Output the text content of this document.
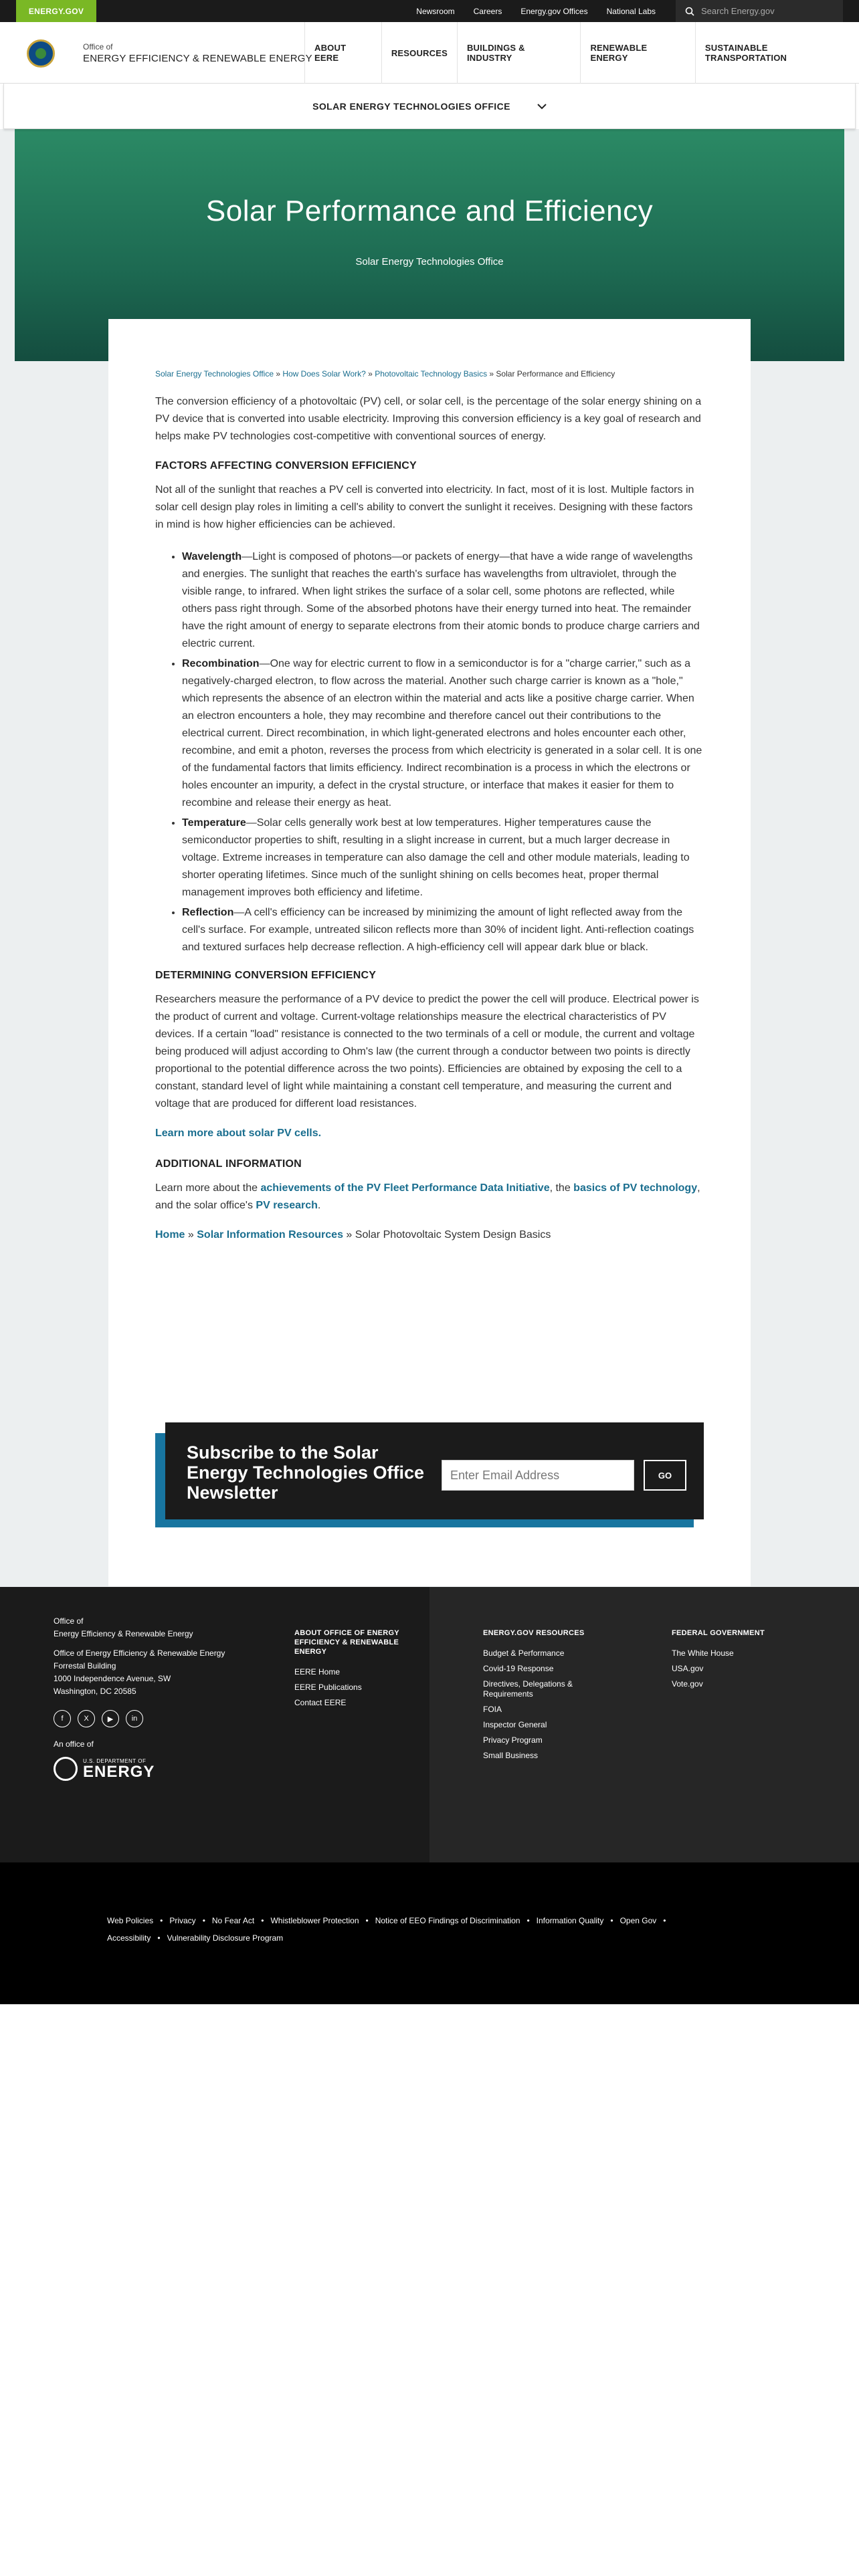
ENERGY.GOV	Newsroom	Careers	Energy.gov Offices	National Labs
Search Energy.gov
Office of
ENERGY EFFICIENCY & RENEWABLE ENERGY
ABOUT EERE	RESOURCES	BUILDINGS & INDUSTRY
RENEWABLE ENERGY
SUSTAINABLE TRANSPORTATION
SOLAR ENERGY TECHNOLOGIES OFFICE
Solar Performance and Efficiency
Solar Energy Technologies Office
Solar Energy Technologies Office » How Does Solar Work? » Photovoltaic Technology Basics » Solar Performance and Efficiency

The conversion efficiency of a photovoltaic (PV) cell, or solar cell, is the percentage of the solar energy shining on a PV device that is converted into usable electricity. Improving this conversion efficiency is a key goal of research and helps make PV technologies cost-competitive with conventional sources of energy.

FACTORS AFFECTING CONVERSION EFFICIENCY

Not all of the sunlight that reaches a PV cell is converted into electricity. In fact, most of it is lost. Multiple factors in solar cell design play roles in limiting a cell's ability to convert the sunlight it receives. Designing with these factors in mind is how higher efficiencies can be achieved.

• Wavelength—Light is composed of photons—or packets of energy—that have a wide range of wavelengths and energies. The sunlight that reaches the earth's surface has wavelengths from ultraviolet, through the visible range, to infrared. When light strikes the surface of a solar cell, some photons are reflected, while others pass right through. Some of the absorbed photons have their energy turned into heat. The remainder have the right amount of energy to separate electrons from their atomic bonds to produce charge carriers and electric current.
• Recombination—One way for electric current to flow in a semiconductor is for a "charge carrier," such as a negatively-charged electron, to flow across the material. Another such charge carrier is known as a "hole," which represents the absence of an electron within the material and acts like a positive charge carrier. When an electron encounters a hole, they may recombine and therefore cancel out their contributions to the electrical current. Direct recombination, in which light-generated electrons and holes encounter each other, recombine, and emit a photon, reverses the process from which electricity is generated in a solar cell. It is one of the fundamental factors that limits efficiency. Indirect recombination is a process in which the electrons or holes encounter an impurity, a defect in the crystal structure, or interface that makes it easier for them to recombine and release their energy as heat.
• Temperature—Solar cells generally work best at low temperatures. Higher temperatures cause the semiconductor properties to shift, resulting in a slight increase in current, but a much larger decrease in voltage. Extreme increases in temperature can also damage the cell and other module materials, leading to shorter operating lifetimes. Since much of the sunlight shining on cells becomes heat, proper thermal management improves both efficiency and lifetime.
• Reflection—A cell's efficiency can be increased by minimizing the amount of light reflected away from the cell's surface. For example, untreated silicon reflects more than 30% of incident light. Anti-reflection coatings and textured surfaces help decrease reflection. A high-efficiency cell will appear dark blue or black.
DETERMINING CONVERSION EFFICIENCY

Researchers measure the performance of a PV device to predict the power the cell will produce. Electrical power is the product of current and voltage. Current-voltage relationships measure the electrical characteristics of PV devices. If a certain "load" resistance is connected to the two terminals of a cell or module, the current and voltage being produced will adjust according to Ohm's law (the current through a conductor between two points is directly proportional to the potential difference across the two points). Efficiencies are obtained by exposing the cell to a constant, standard level of light while maintaining a constant cell temperature, and measuring the current and voltage that are produced for different load resistances.

Learn more about solar PV cells.
ADDITIONAL INFORMATION

Learn more about the achievements of the PV Fleet Performance Data Initiative, the basics of PV technology, and the solar office's PV research.

Home » Solar Information Resources » Solar Photovoltaic System Design Basics
Subscribe to the Solar Energy Technologies Office Newsletter
Enter Email Address
GO
Office of
Energy Efficiency & Renewable Energy
Office of Energy Efficiency & Renewable Energy
Forrestal Building
1000 Independence Avenue, SW
Washington, DC 20585
f	X	▶	in
An office of
U.S. DEPARTMENT OF
ENERGY
ABOUT OFFICE OF ENERGY EFFICIENCY & RENEWABLE ENERGY
EERE Home
EERE Publications
Contact EERE
ENERGY.GOV RESOURCES
Budget & Performance
Covid-19 Response
Directives, Delegations & Requirements
FOIA
Inspector General
Privacy Program
Small Business
FEDERAL GOVERNMENT
The White House
USA.gov
Vote.gov
Web Policies • Privacy • No Fear Act • Whistleblower Protection • Notice of EEO Findings of Discrimination • Information Quality • Open Gov •
Accessibility • Vulnerability Disclosure Program
